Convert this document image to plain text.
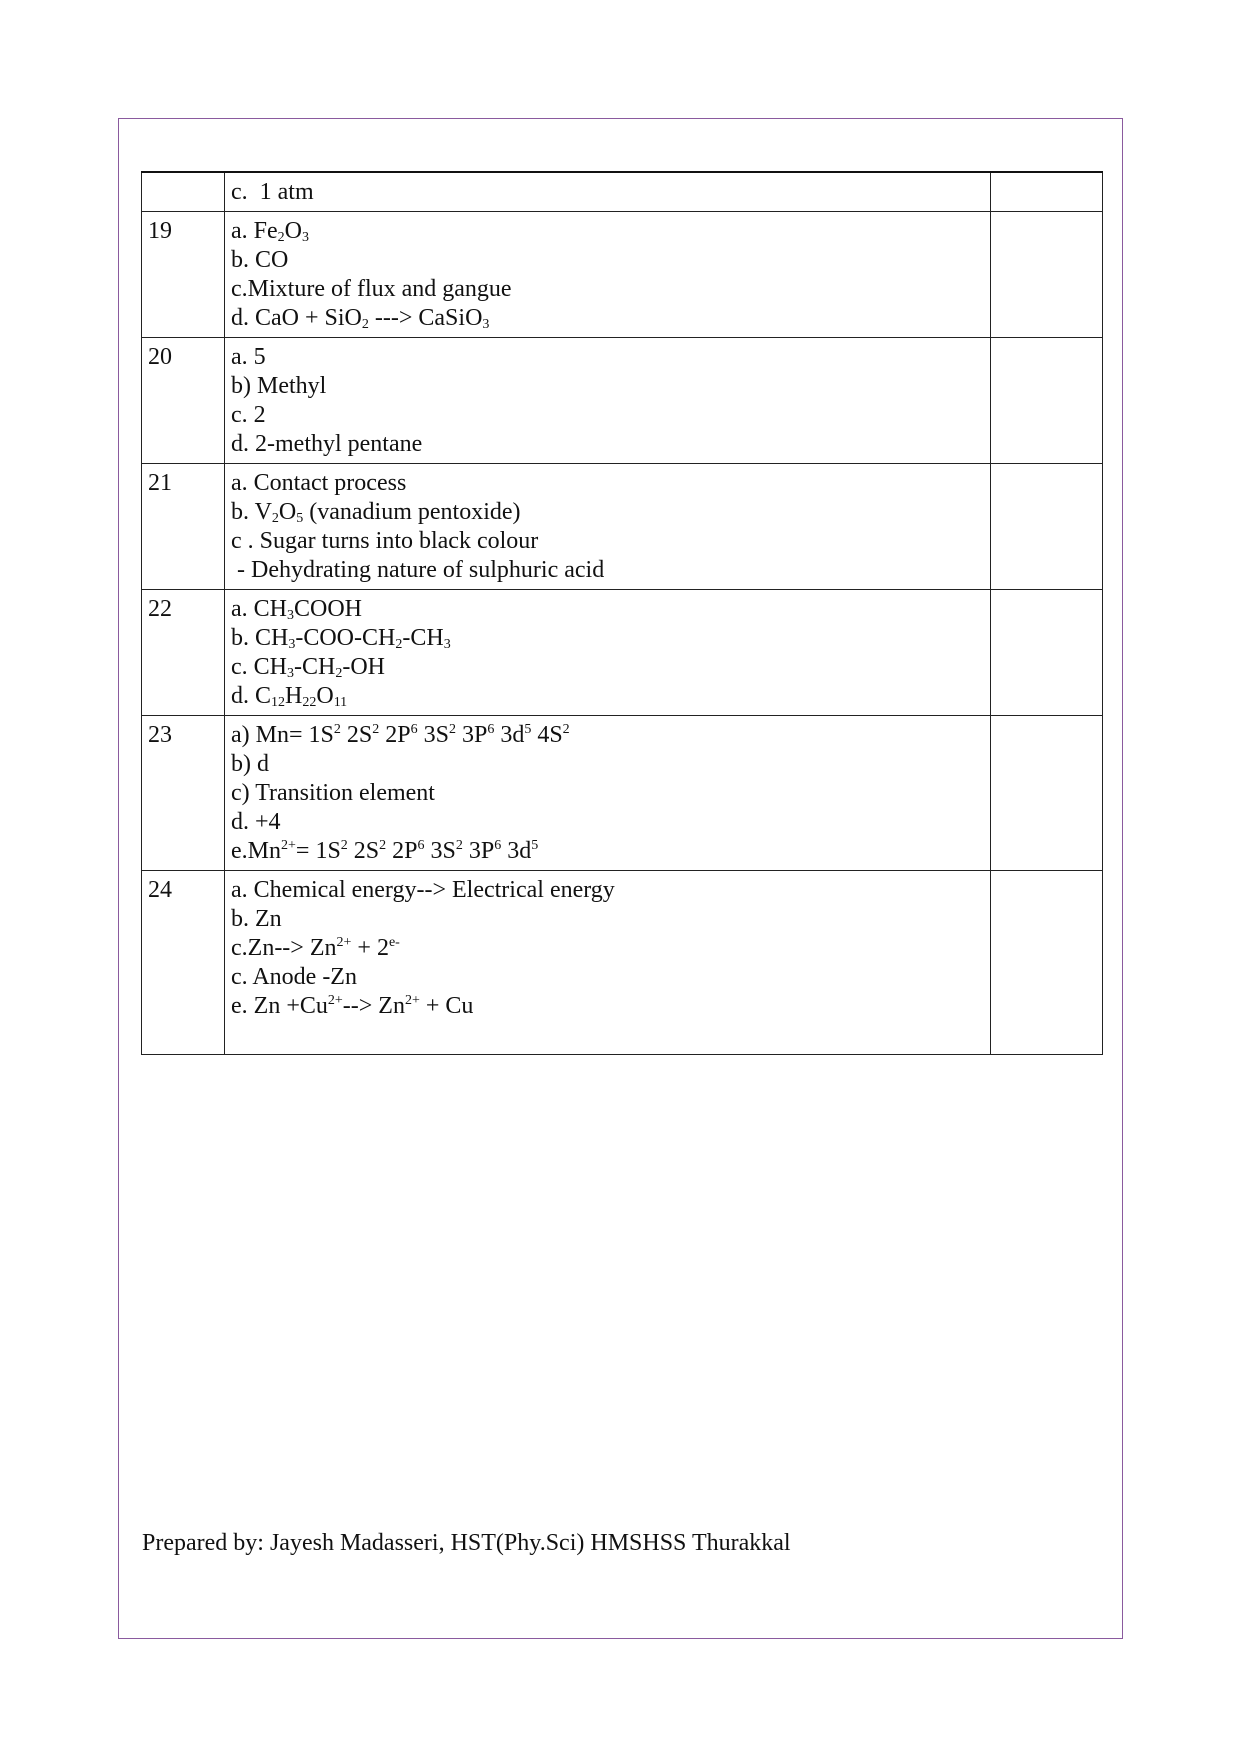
	c.  1 atm	

19	a. $Fe_2O_3$
b. CO
c.Mixture of flux and gangue
d. CaO + SiO$_2$ ---> CaSiO$_3$

20	a. 5
b) Methyl
c. 2
d. 2-methyl pentane	

21	a. Contact process
b. $V_2O_5$ (vanadium pentoxide)
c . Sugar turns into black colour
- Dehydrating nature of sulphuric acid	

22	a. $CH_3COOH$
b. $CH_3-COO-CH_2-CH_3$
c. $CH_3-CH_2-OH$
d. $C_{12}H_{22}O_{11}$

23	a) $Mn= 1S^2$ $2S^2$ $2P^6$ $3S^2$ $3P^6$ $3d^5$ $4S^2$
b) d
c) Transition element
d. +4
$e.Mn^{2+}= 1S^2$ $2S^2$ $2P^6$ $3S^2$ $3P^6$ $3d^5$

24	a. Chemical energy--> Electrical energy
b. Zn
$c.Zn--> Zn^{2+} + 2^{e-}$
c. Anode -Zn
e. $Zn +Cu^{2+}--> Zn^{2+} + Cu$	

Prepared by: Jayesh Madasseri, HST(Phy.Sci) HMSHSS Thurakkal
